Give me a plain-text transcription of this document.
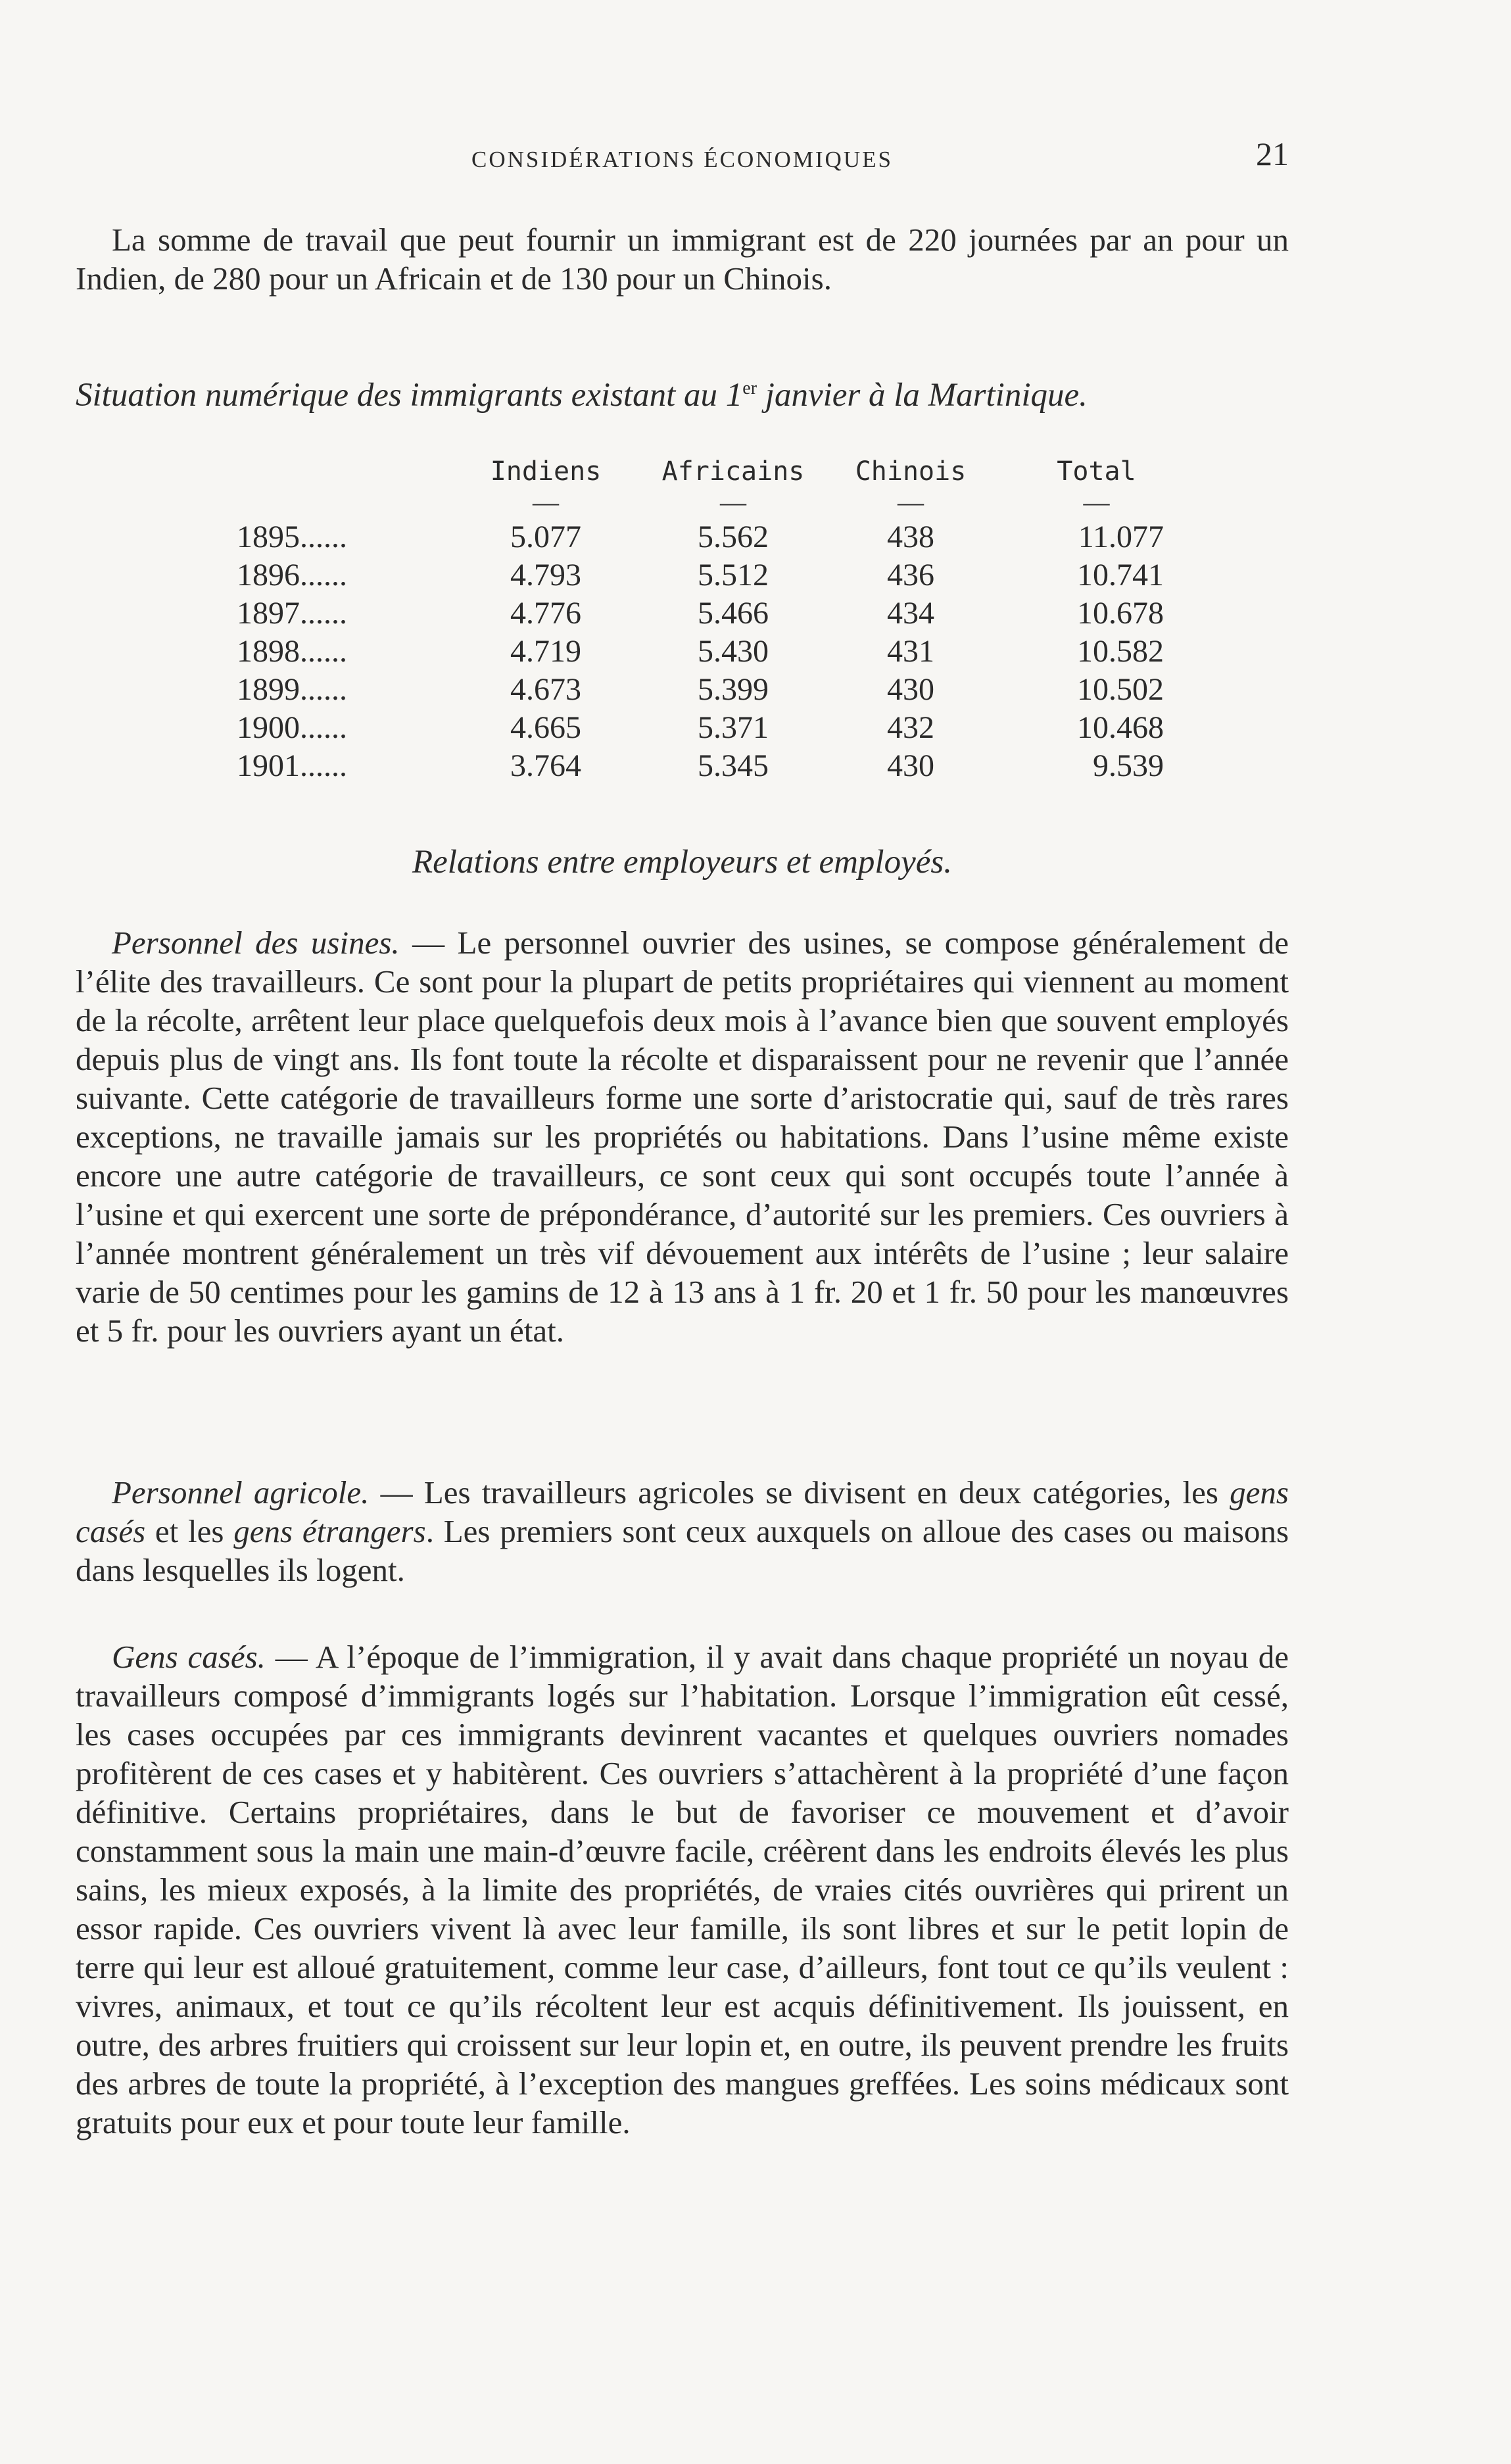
CONSIDÉRATIONS ÉCONOMIQUES	21
La somme de travail que peut fournir un immigrant est de 220 journées par an pour un Indien, de 280 pour un Africain et de 130 pour un Chinois.
Situation numérique des immigrants existant au 1er janvier à la Martinique.
	Indiens	Africains	Chinois	Total
	—	—	—	—
1895......	5.077	5.562	438	11.077
1896......	4.793	5.512	436	10.741
1897......	4.776	5.466	434	10.678
1898......	4.719	5.430	431	10.582
1899......	4.673	5.399	430	10.502
1900......	4.665	5.371	432	10.468
1901......	3.764	5.345	430	9.539
Relations entre employeurs et employés.
Personnel des usines. — Le personnel ouvrier des usines, se compose généralement de l’élite des travailleurs. Ce sont pour la plupart de petits propriétaires qui viennent au moment de la récolte, arrêtent leur place quelquefois deux mois à l’avance bien que souvent employés depuis plus de vingt ans. Ils font toute la récolte et disparaissent pour ne revenir que l’année suivante. Cette catégorie de travailleurs forme une sorte d’aristocratie qui, sauf de très rares exceptions, ne travaille jamais sur les propriétés ou habitations. Dans l’usine même existe encore une autre catégorie de travailleurs, ce sont ceux qui sont occupés toute l’année à l’usine et qui exercent une sorte de prépondérance, d’autorité sur les premiers. Ces ouvriers à l’année montrent généralement un très vif dévouement aux intérêts de l’usine ; leur salaire varie de 50 centimes pour les gamins de 12 à 13 ans à 1 fr. 20 et 1 fr. 50 pour les manœuvres et 5 fr. pour les ouvriers ayant un état.
Personnel agricole. — Les travailleurs agricoles se divisent en deux catégories, les gens casés et les gens étrangers. Les premiers sont ceux auxquels on alloue des cases ou maisons dans lesquelles ils logent.
Gens casés. — A l’époque de l’immigration, il y avait dans chaque propriété un noyau de travailleurs composé d’immigrants logés sur l’habitation. Lorsque l’immigration eût cessé, les cases occupées par ces immigrants devinrent vacantes et quelques ouvriers nomades profitèrent de ces cases et y habitèrent. Ces ouvriers s’attachèrent à la propriété d’une façon définitive. Certains propriétaires, dans le but de favoriser ce mouvement et d’avoir constamment sous la main une main-d’œuvre facile, créèrent dans les endroits élevés les plus sains, les mieux exposés, à la limite des propriétés, de vraies cités ouvrières qui prirent un essor rapide. Ces ouvriers vivent là avec leur famille, ils sont libres et sur le petit lopin de terre qui leur est alloué gratuitement, comme leur case, d’ailleurs, font tout ce qu’ils veulent : vivres, animaux, et tout ce qu’ils récoltent leur est acquis définitivement. Ils jouissent, en outre, des arbres fruitiers qui croissent sur leur lopin et, en outre, ils peuvent prendre les fruits des arbres de toute la propriété, à l’exception des mangues greffées. Les soins médicaux sont gratuits pour eux et pour toute leur famille.
